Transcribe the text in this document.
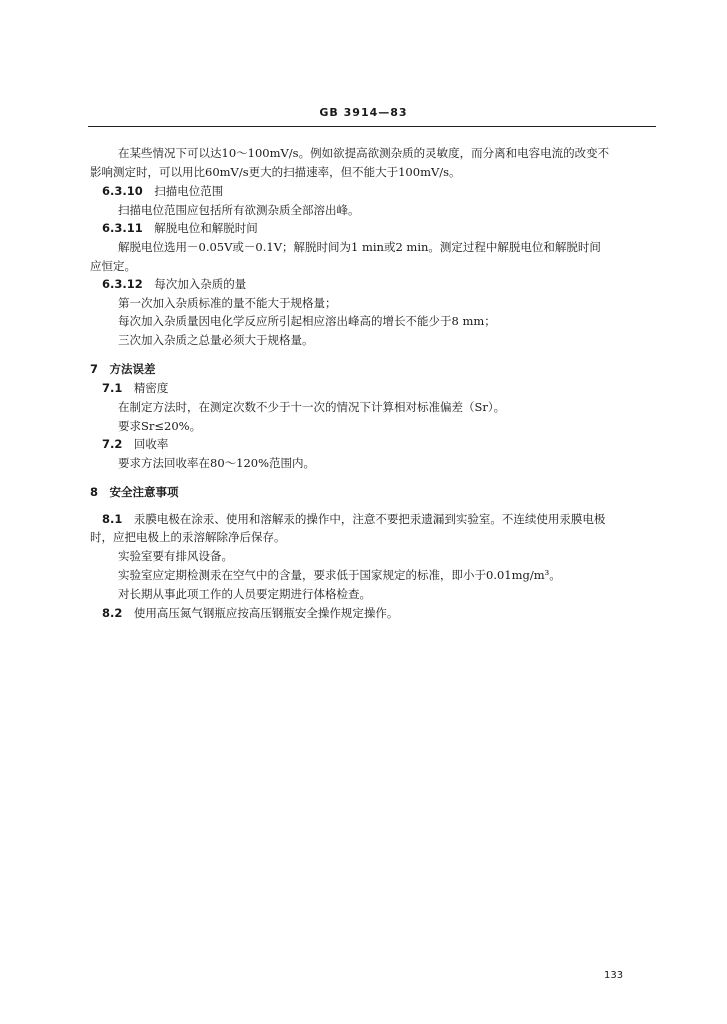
GB 3914—83
在某些情况下可以达10～100mV/s。例如欲提高欲测杂质的灵敏度，而分离和电容电流的改变不
影响测定时，可以用比60mV/s更大的扫描速率，但不能大于100mV/s。
6.3.10  扫描电位范围
扫描电位范围应包括所有欲测杂质全部溶出峰。
6.3.11  解脱电位和解脱时间
解脱电位选用－0.05V或－0.1V；解脱时间为1 min或2 min。测定过程中解脱电位和解脱时间
应恒定。
6.3.12  每次加入杂质的量
第一次加入杂质标准的量不能大于规格量；
每次加入杂质量因电化学反应所引起相应溶出峰高的增长不能少于8 mm；
三次加入杂质之总量必须大于规格量。
7  方法误差
7.1  精密度
在制定方法时，在测定次数不少于十一次的情况下计算相对标准偏差（Sr）。
要求Sr≤20%。
7.2  回收率
要求方法回收率在80～120%范围内。
8  安全注意事项
8.1  汞膜电极在涂汞、使用和溶解汞的操作中，注意不要把汞遗漏到实验室。不连续使用汞膜电极
时，应把电极上的汞溶解除净后保存。
实验室要有排风设备。
实验室应定期检测汞在空气中的含量，要求低于国家规定的标准，即小于0.01mg/m³。
对长期从事此项工作的人员要定期进行体格检查。
8.2  使用高压氮气钢瓶应按高压钢瓶安全操作规定操作。
133
